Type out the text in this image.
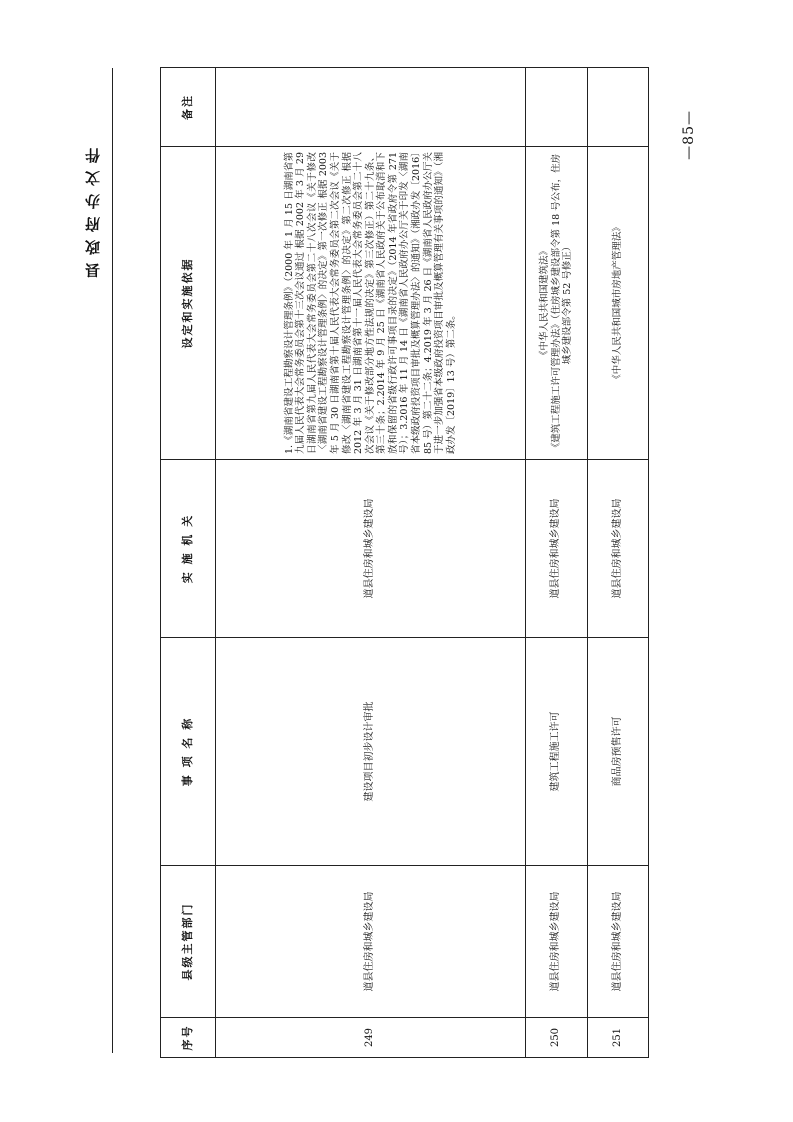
县政府办文件
—85—
序号	县级主管部门	事 项 名 称	实 施 机 关	设定和实施依据	备注
249	道县住房和城乡建设局	建设项目初步设计审批	道县住房和城乡建设局	1.《湖南省建设工程勘察设计管理条例》（2000 年 1 月 15 日湖南省第九届人民代表大会常务委员会第十三次会议通过 根据 2002 年 3 月 29 日湖南省第九届人民代表大会常务委员会第二十八次会议《关于修改〈湖南省建设工程勘察设计管理条例〉的决定》第一次修正 根据 2003 年 5 月 30 日湖南省第十届人民代表大会常务委员会第二次会议《关于修改〈湖南省建设工程勘察设计管理条例〉的决定》第二次修正 根据 2012 年 3 月 31 日湖南省第十一届人民代表大会常务委员会第二十八次会议《关于修改部分地方性法规的决定》第三次修正）第二十九条、第三十条；2.2014 年 9 月 25 日《湖南省人民政府关于公布取消和下放和保留的省级行政许可事项目录的决定》（2014 年省政府令第 271 号）；3.2016 年 11 月 14 日《湖南省人民政府办公厅关于印发〈湖南省本级政府投资项目审批及概算管理办法〉的通知》（湘政办发〔2016〕85 号）第二十二条；4.2019 年 3 月 26 日《湖南省人民政府办公厅关于进一步加强省本级政府投资项目审批及概算管理有关事项的通知》（湘政办发〔2019〕13 号）第二条。	
250	道县住房和城乡建设局	建筑工程施工许可	道县住房和城乡建设局	《中华人民共和国建筑法》 《建筑工程施工许可管理办法》（住房城乡建设部令第 18 号公布，住房城乡建设部令第 52 号修正）	

251	道县住房和城乡建设局	商品房预售许可	道县住房和城乡建设局	《中华人民共和国城市房地产管理法》	
